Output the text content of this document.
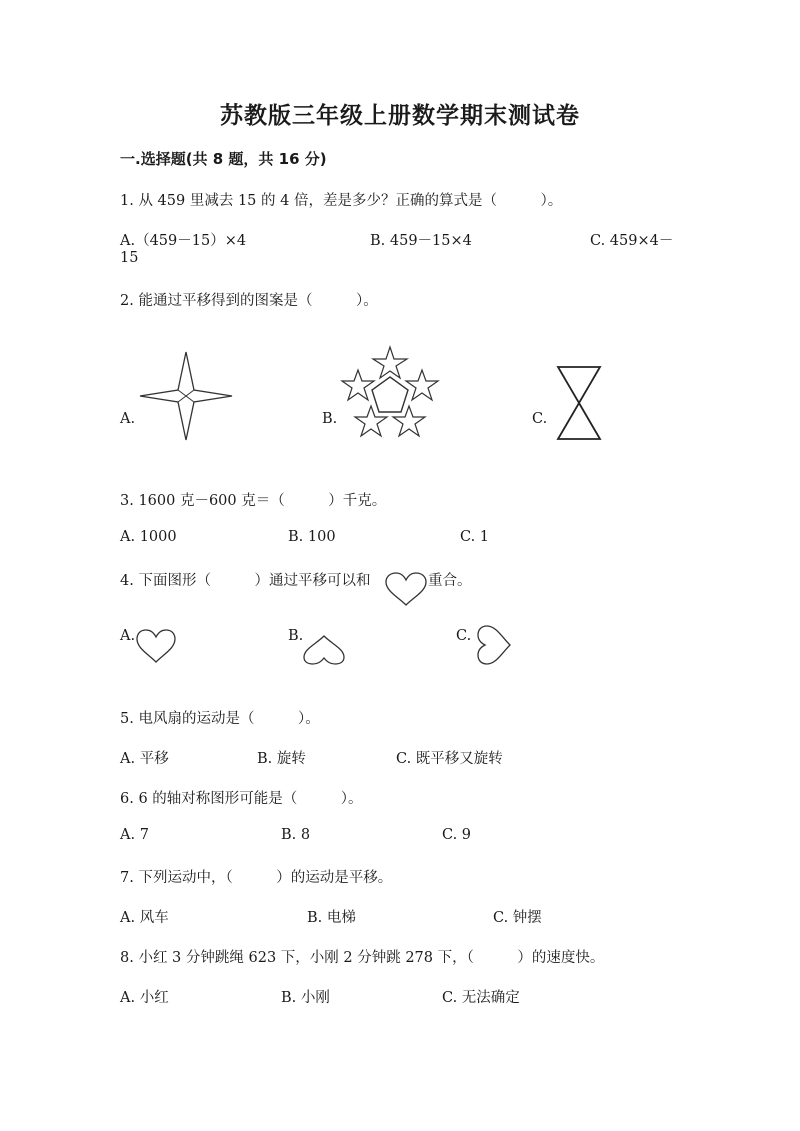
苏教版三年级上册数学期末测试卷
一.选择题(共 8 题，共 16 分)
1. 从 459 里减去 15 的 4 倍，差是多少？正确的算式是（　　　）。
A.（459－15）×4	B. 459－15×4	C. 459×4－
15
2. 能通过平移得到的图案是（　　　）。
A.	B.	C.
3. 1600 克－600 克＝（　　　）千克。
A. 1000	B. 100	C. 1
4. 下面图形（　　　）通过平移可以和	重合。
A.	B.	C.
5. 电风扇的运动是（　　　）。
A. 平移	B. 旋转	C. 既平移又旋转
6. 6 的轴对称图形可能是（　　　）。
A. 7	B. 8	C. 9
7. 下列运动中，（　　　）的运动是平移。
A. 风车	B. 电梯	C. 钟摆
8. 小红 3 分钟跳绳 623 下，小刚 2 分钟跳 278 下，（　　　）的速度快。
A. 小红	B. 小刚	C. 无法确定
